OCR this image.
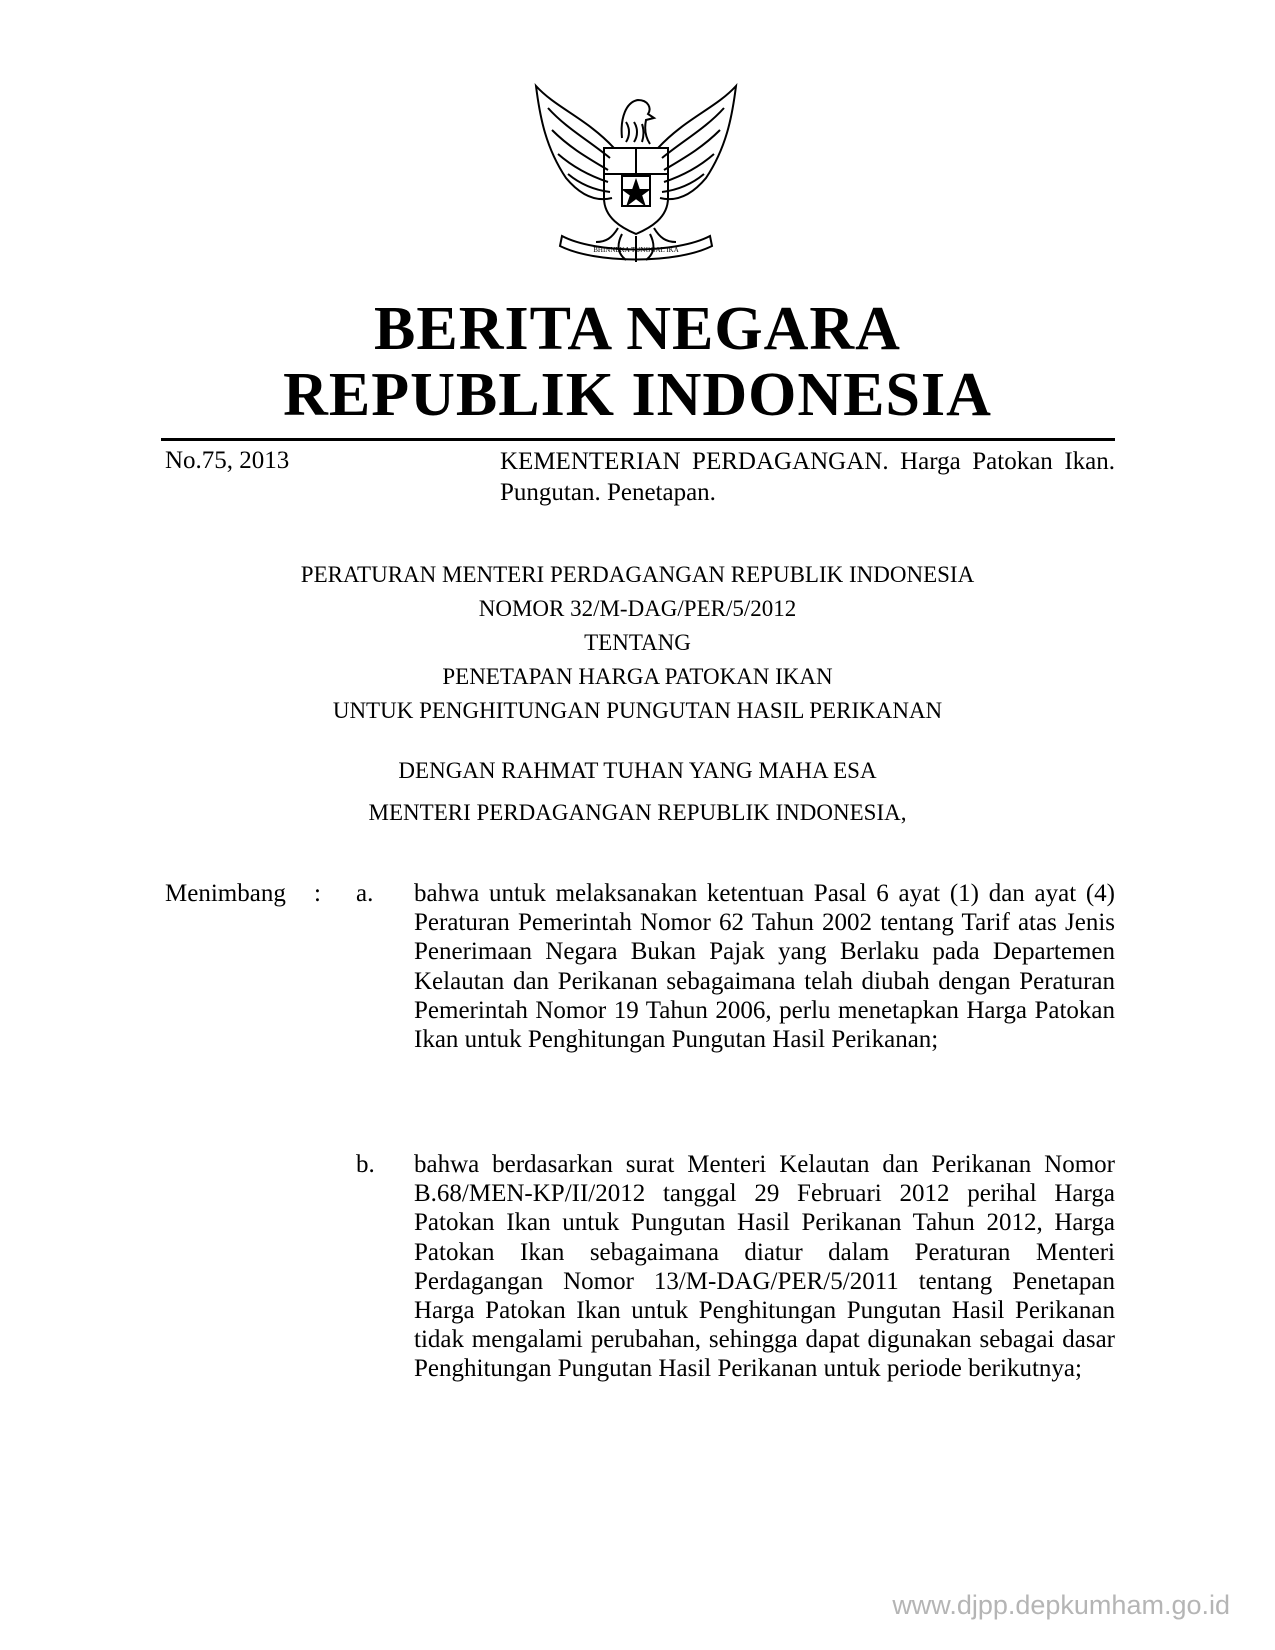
BHINNEKA TUNGGAL IKA
BERITA NEGARA
REPUBLIK INDONESIA
No.75, 2013	KEMENTERIAN PERDAGANGAN. Harga Patokan Ikan. Pungutan. Penetapan.
PERATURAN MENTERI PERDAGANGAN REPUBLIK INDONESIA
NOMOR 32/M-DAG/PER/5/2012
TENTANG
PENETAPAN HARGA PATOKAN IKAN
UNTUK PENGHITUNGAN PUNGUTAN HASIL PERIKANAN
DENGAN RAHMAT TUHAN YANG MAHA ESA
MENTERI PERDAGANGAN REPUBLIK INDONESIA,
Menimbang : a. bahwa untuk melaksanakan ketentuan Pasal 6 ayat (1) dan ayat (4) Peraturan Pemerintah Nomor 62 Tahun 2002 tentang Tarif atas Jenis Penerimaan Negara Bukan Pajak yang Berlaku pada Departemen Kelautan dan Perikanan sebagaimana telah diubah dengan Peraturan Pemerintah Nomor 19 Tahun 2006, perlu menetapkan Harga Patokan Ikan untuk Penghitungan Pungutan Hasil Perikanan;
b. bahwa berdasarkan surat Menteri Kelautan dan Perikanan Nomor B.68/MEN-KP/II/2012 tanggal 29 Februari 2012 perihal Harga Patokan Ikan untuk Pungutan Hasil Perikanan Tahun 2012, Harga Patokan Ikan sebagaimana diatur dalam Peraturan Menteri Perdagangan Nomor 13/M-DAG/PER/5/2011 tentang Penetapan Harga Patokan Ikan untuk Penghitungan Pungutan Hasil Perikanan tidak mengalami perubahan, sehingga dapat digunakan sebagai dasar Penghitungan Pungutan Hasil Perikanan untuk periode berikutnya;
www.djpp.depkumham.go.id
